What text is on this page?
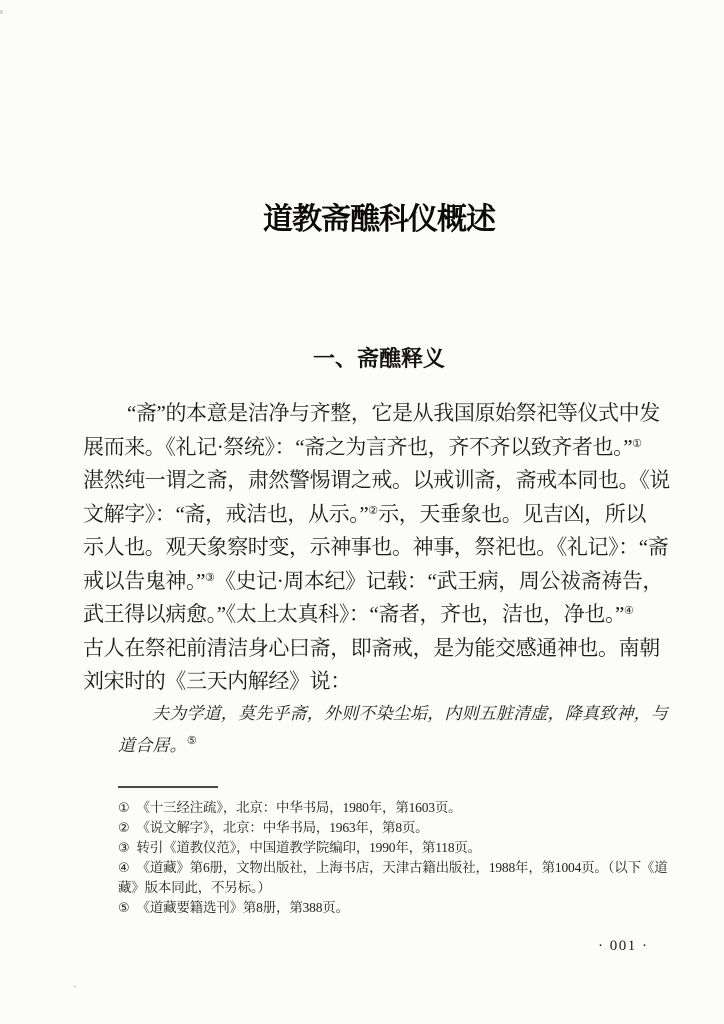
道教斋醮科仪概述
一、斋醮释义
“斋”的本意是洁净与齐整，它是从我国原始祭祀等仪式中发
展而来。《礼记·祭统》：“斋之为言齐也，齐不齐以致齐者也。”①
湛然纯一谓之斋，肃然警惕谓之戒。以戒训斋，斋戒本同也。《说
文解字》：“斋，戒洁也，从示。”②示，天垂象也。见吉凶，所以
示人也。观天象察时变，示神事也。神事，祭祀也。《礼记》：“斋
戒以告鬼神。”③《史记·周本纪》记载：“武王病，周公祓斋祷告，
武王得以病愈。”《太上太真科》：“斋者，齐也，洁也，净也。”④
古人在祭祀前清洁身心曰斋，即斋戒，是为能交感通神也。南朝
刘宋时的《三天内解经》说：
夫为学道，莫先乎斋，外则不染尘垢，内则五脏清虚，降真致神，与
道合居。⑤
① 《十三经注疏》，北京：中华书局，1980年，第1603页。
② 《说文解字》，北京：中华书局，1963年，第8页。
③ 转引《道教仪范》，中国道教学院编印，1990年，第118页。
④ 《道藏》第6册，文物出版社，上海书店，天津古籍出版社，1988年，第1004页。（以下《道
藏》版本同此，不另标。）
⑤ 《道藏要籍选刊》第8册，第388页。
· 001 ·
+
